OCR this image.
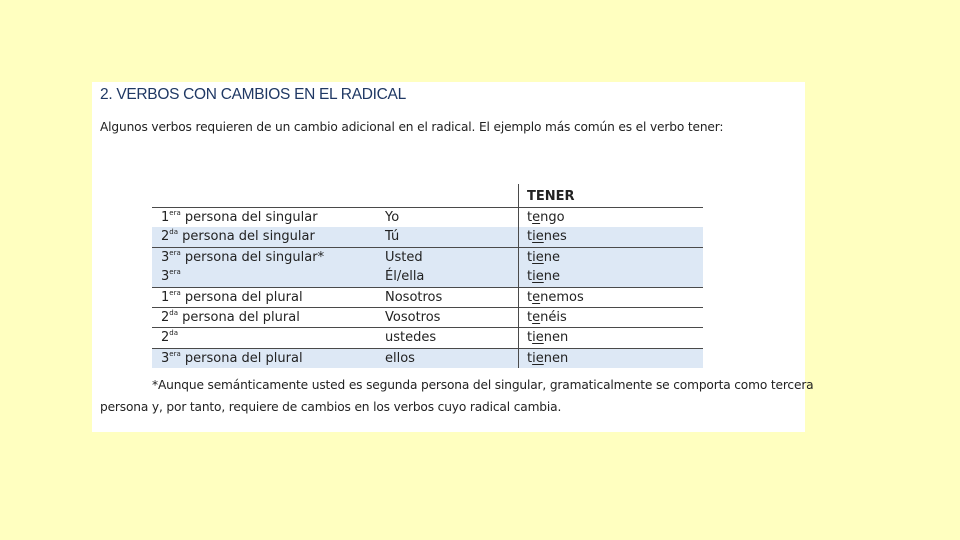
2. VERBOS CON CAMBIOS EN EL RADICAL
Algunos verbos requieren de un cambio adicional en el radical. El ejemplo más común es el verbo tener:
TENER
$1^{era}$ persona del singular	Yo	tengo
$2^{da}$ persona del singular	Tú	tienes
$3^{era}$ persona del singular*	Usted	tiene
$3^{era}$	Él/ella	tiene
$1^{era}$ persona del plural	Nosotros	tenemos
$2^{da}$ persona del plural	Vosotros	tenéis
$2^{da}$	ustedes	tienen
$3^{era}$ persona del plural	ellos	tienen
*Aunque semánticamente usted es segunda persona del singular, gramaticalmente se comporta como tercera
persona y, por tanto, requiere de cambios en los verbos cuyo radical cambia.
